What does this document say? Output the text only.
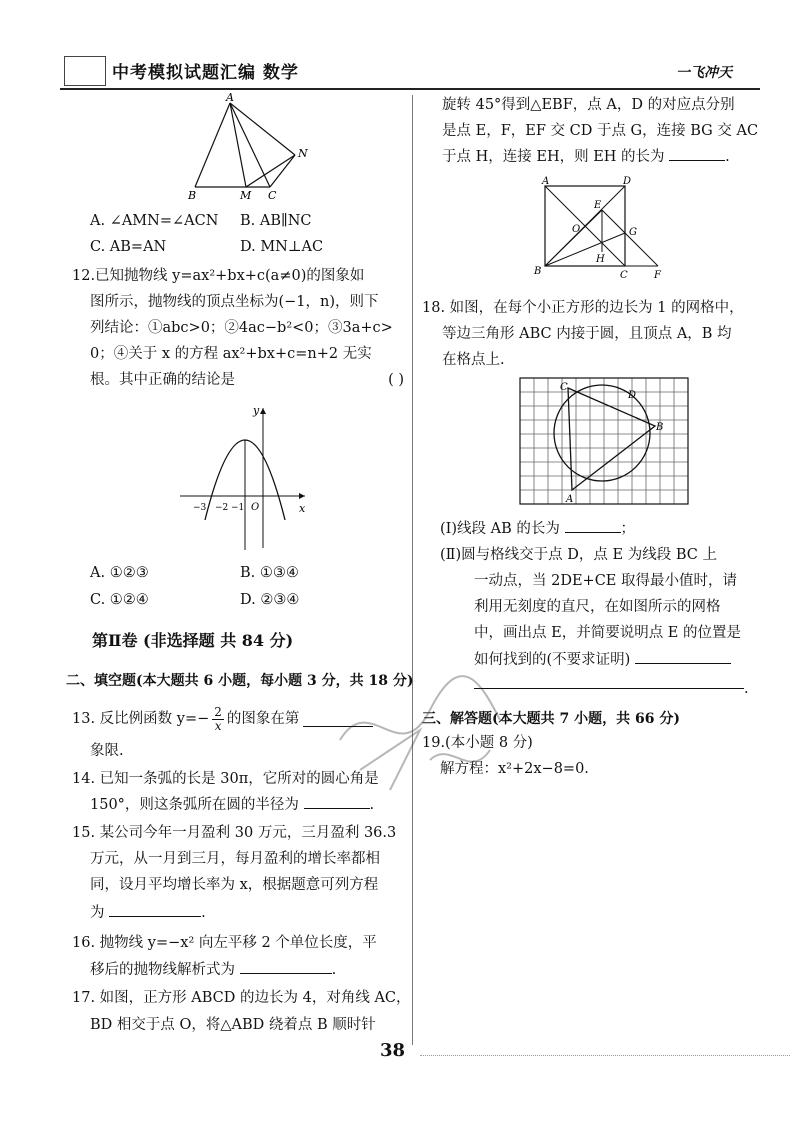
中考模拟试题汇编 数学	一飞冲天
A
N
B	M C
A. ∠AMN=∠ACN B. AB∥NC
C. AB=AN	D. MN⊥AC
12.已知抛物线 y=ax²+bx+c(a≠0)的图象如
图所示，抛物线的顶点坐标为(−1，n)，则下
列结论：①abc>0；②4ac−b²<0；③3a+c>
0；④关于 x 的方程 ax²+bx+c=n+2 无实
根。其中正确的结论是	( )
y
x
O
−3 −2 −1
A. ①②③	B. ①③④
C. ①②④	D. ②③④
第Ⅱ卷 (非选择题 共 84 分)
二、填空题(本大题共 6 小题，每小题 3 分，共 18 分)
13. 反比例函数 $y=- \frac{2}{x}$ 的图象在第
象限.
14. 已知一条弧的长是 30π，它所对的圆心角是
150°，则这条弧所在圆的半径为	.
15. 某公司今年一月盈利 30 万元，三月盈利 36.3
万元，从一月到三月，每月盈利的增长率都相
同，设月平均增长率为 x，根据题意可列方程
为	.
16. 抛物线 y=−x² 向左平移 2 个单位长度，平
移后的抛物线解析式为	.
17. 如图，正方形 ABCD 的边长为 4，对角线 AC，
BD 相交于点 O，将△ABD 绕着点 B 顺时针
旋转 45°得到△EBF，点 A，D 的对应点分别
是点 E，F，EF 交 CD 于点 G，连接 BG 交 AC
于点 H，连接 EH，则 EH 的长为	.
A	D
E
O	G
H
B	C	F
18. 如图，在每个小正方形的边长为 1 的网格中，
等边三角形 ABC 内接于圆，且顶点 A，B 均
在格点上.
C
D
B
A
(Ⅰ)线段 AB 的长为	；
(Ⅱ)圆与格线交于点 D，点 E 为线段 BC 上
一动点，当 2DE+CE 取得最小值时，请
利用无刻度的直尺，在如图所示的网格
中，画出点 E，并简要说明点 E 的位置是
如何找到的(不要求证明)
.
三、解答题(本大题共 7 小题，共 66 分)
19.(本小题 8 分)
解方程：x²+2x−8=0.
38
